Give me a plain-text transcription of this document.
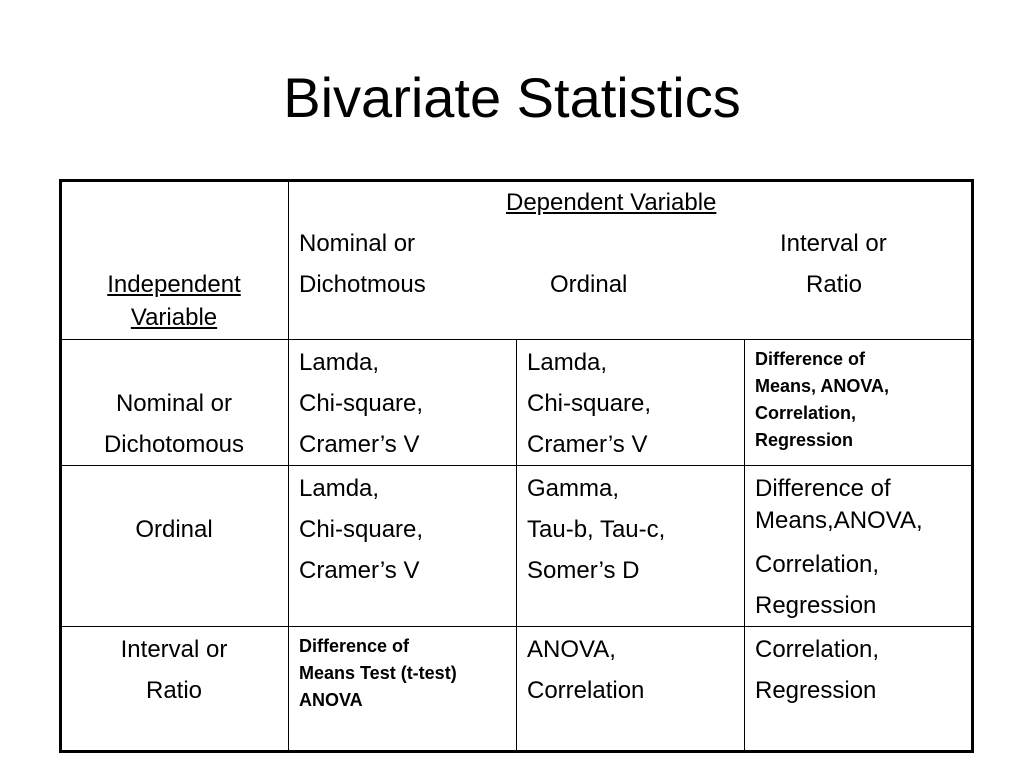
Bivariate Statistics
Dependent Variable
Nominal or
Dichotmous	Ordinal
Interval or
Ratio
Independent
Variable
Nominal or
Dichotomous
Lamda,
Chi-square,
Cramer’s V
Lamda,
Chi-square,
Cramer’s V
Difference of
Means, ANOVA,
Correlation,
Regression
Ordinal
Lamda,
Chi-square,
Cramer’s V
Gamma,
Tau-b, Tau-c,
Somer’s D
Difference of
Means,ANOVA,
Correlation,
Regression
Interval or
Ratio
Difference of
Means Test (t-test)
ANOVA
ANOVA,
Correlation
Correlation,
Regression
